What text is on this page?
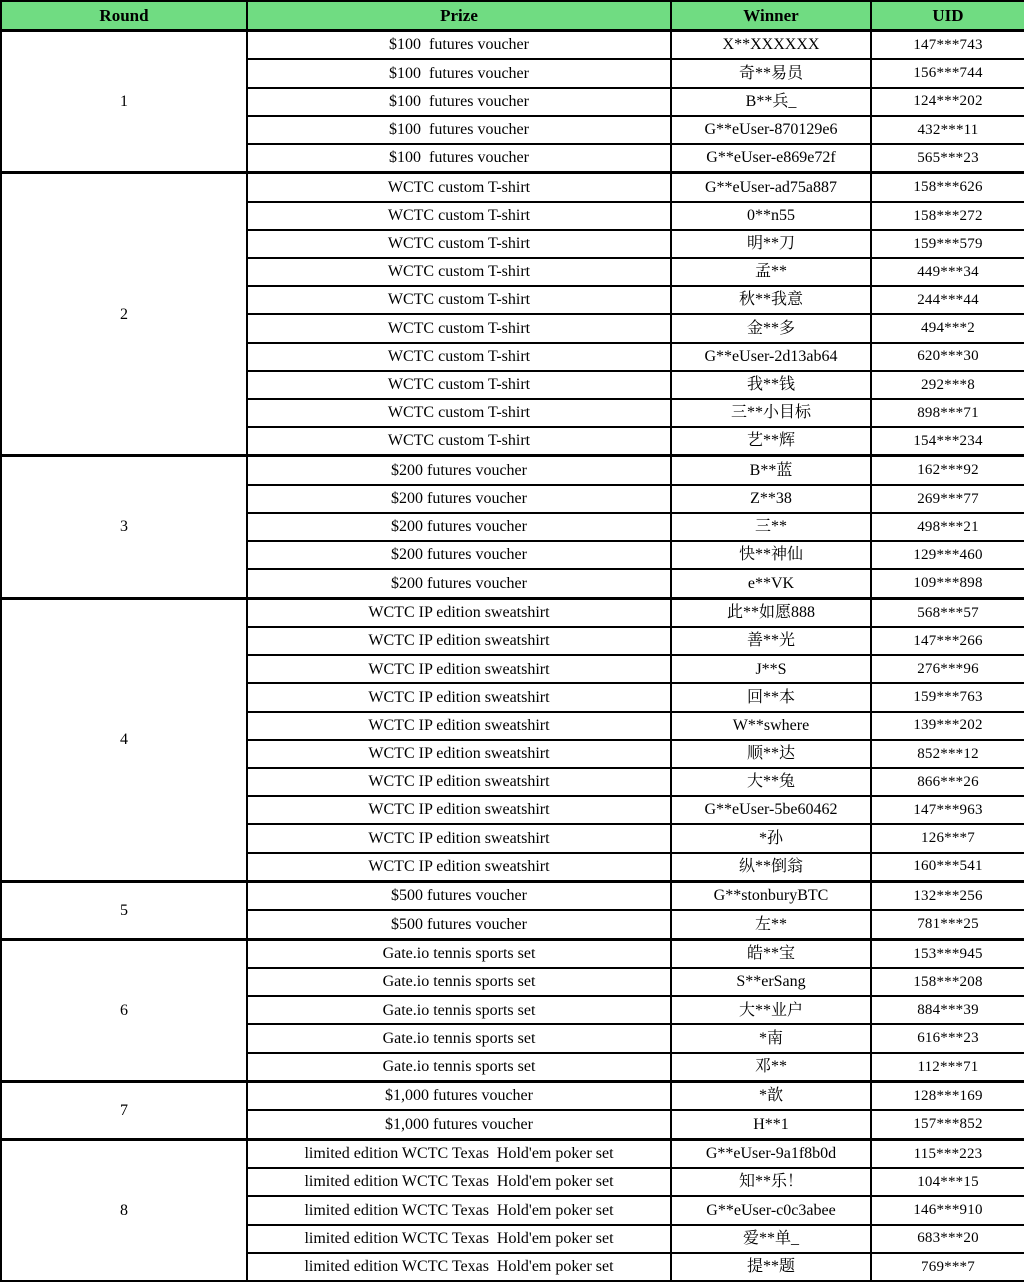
Round	Prize	Winner	UID
1	$100  futures voucher	X**XXXXXX	147***743
	$100  futures voucher	奇**易员	156***744
	$100  futures voucher	B**兵_	124***202
	$100  futures voucher	G**eUser-870129e6	432***11
	$100  futures voucher	G**eUser-e869e72f	565***23
2	WCTC custom T-shirt	G**eUser-ad75a887	158***626
	WCTC custom T-shirt	0**n55	158***272
	WCTC custom T-shirt	明**刀	159***579
	WCTC custom T-shirt	孟**	449***34
	WCTC custom T-shirt	秋**我意	244***44
	WCTC custom T-shirt	金**多	494***2
	WCTC custom T-shirt	G**eUser-2d13ab64	620***30
	WCTC custom T-shirt	我**钱	292***8
	WCTC custom T-shirt	三**小目标	898***71
	WCTC custom T-shirt	艺**辉	154***234
3	$200 futures voucher	B**蓝	162***92
	$200 futures voucher	Z**38	269***77
	$200 futures voucher	三**	498***21
	$200 futures voucher	快**神仙	129***460
	$200 futures voucher	e**VK	109***898
4	WCTC IP edition sweatshirt	此**如愿888	568***57
	WCTC IP edition sweatshirt	善**光	147***266
	WCTC IP edition sweatshirt	J**S	276***96
	WCTC IP edition sweatshirt	回**本	159***763
	WCTC IP edition sweatshirt	W**swhere	139***202
	WCTC IP edition sweatshirt	顺**达	852***12
	WCTC IP edition sweatshirt	大**兔	866***26
	WCTC IP edition sweatshirt	G**eUser-5be60462	147***963
	WCTC IP edition sweatshirt	*孙	126***7
	WCTC IP edition sweatshirt	纵**倒翁	160***541
5	$500 futures voucher	G**stonburyBTC	132***256
	$500 futures voucher	左**	781***25
6	Gate.io tennis sports set	皓**宝	153***945
	Gate.io tennis sports set	S**erSang	158***208
	Gate.io tennis sports set	大**业户	884***39
	Gate.io tennis sports set	*南	616***23
	Gate.io tennis sports set	邓**	112***71
7	$1,000 futures voucher	*歆	128***169
	$1,000 futures voucher	H**1	157***852
8	limited edition WCTC Texas  Hold'em poker set	G**eUser-9a1f8b0d	115***223
	limited edition WCTC Texas  Hold'em poker set	知**乐！	104***15
	limited edition WCTC Texas  Hold'em poker set	G**eUser-c0c3abee	146***910
	limited edition WCTC Texas  Hold'em poker set	爱**单_	683***20
	limited edition WCTC Texas  Hold'em poker set	提**题	769***7
